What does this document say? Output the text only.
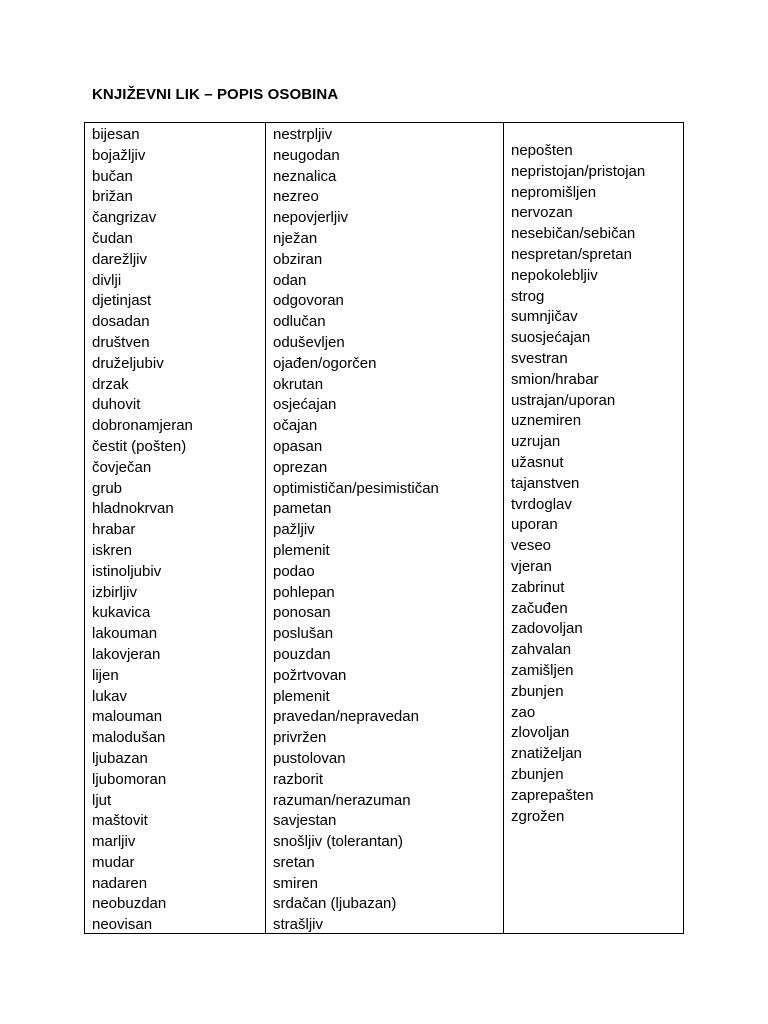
KNJIŽEVNI LIK – POPIS OSOBINA
bijesan
bojažljiv
bučan
brižan
čangrizav
čudan
darežljiv
divlji
djetinjast
dosadan
društven
druželjubiv
drzak
duhovit
dobronamjeran
čestit (pošten)
čovječan
grub
hladnokrvan
hrabar
iskren
istinoljubiv
izbirljiv
kukavica
lakouman
lakovjeran
lijen
lukav
malouman
malodušan
ljubazan
ljubomoran
ljut
maštovit
marljiv
mudar
nadaren
neobuzdan
neovisan
nestrpljiv
neugodan
neznalica
nezreo
nepovjerljiv
nježan
obziran
odan
odgovoran
odlučan
oduševljen
ojađen/ogorčen
okrutan
osjećajan
očajan
opasan
oprezan
optimističan/pesimističan
pametan
pažljiv
plemenit
podao
pohlepan
ponosan
poslušan
pouzdan
požrtvovan
plemenit
pravedan/nepravedan
privržen
pustolovan
razborit
razuman/nerazuman
savjestan
snošljiv (tolerantan)
sretan
smiren
srdačan (ljubazan)
strašljiv
nepošten
nepristojan/pristojan
nepromišljen
nervozan
nesebičan/sebičan
nespretan/spretan
nepokolebljiv
strog
sumnjičav
suosjećajan
svestran
smion/hrabar
ustrajan/uporan
uznemiren
uzrujan
užasnut
tajanstven
tvrdoglav
uporan
veseo
vjeran
zabrinut
začuđen
zadovoljan
zahvalan
zamišljen
zbunjen
zao
zlovoljan
znatiželjan
zbunjen
zaprepašten
zgrožen
